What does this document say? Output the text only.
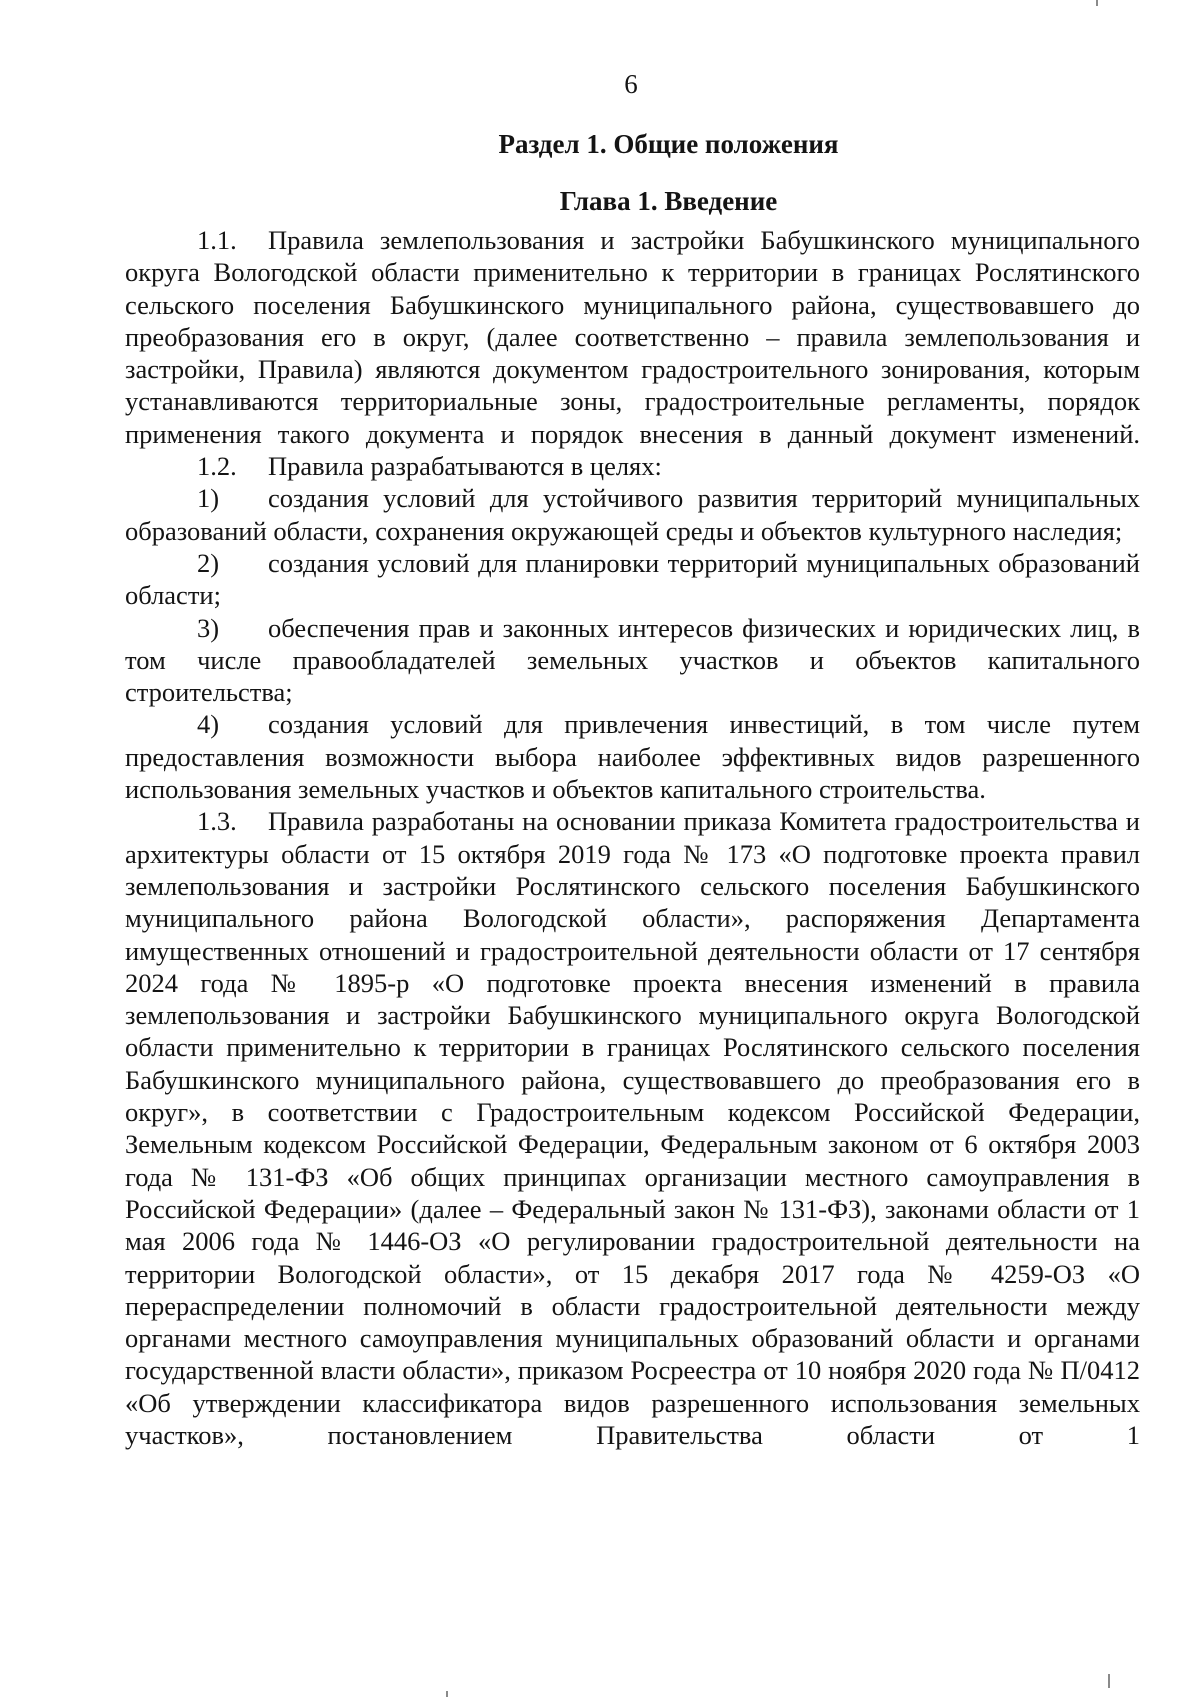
6
Раздел 1. Общие положения
Глава 1. Введение

1.1. Правила землепользования и застройки Бабушкинского муниципального округа Вологодской области применительно к территории в границах Рослятинского сельского поселения Бабушкинского муниципального района, существовавшего до преобразования его в округ, (далее соответственно – правила землепользования и застройки, Правила) являются документом градостроительного зонирования, которым устанавливаются территориальные зоны, градостроительные регламенты, порядок применения такого документа и порядок внесения в данный документ изменений.

1.2. Правила разрабатываются в целях:

1) создания условий для устойчивого развития территорий муниципальных образований области, сохранения окружающей среды и объектов культурного наследия;

2) создания условий для планировки территорий муниципальных образований области;

3) обеспечения прав и законных интересов физических и юридических лиц, в том числе правообладателей земельных участков и объектов капитального строительства;

4) создания условий для привлечения инвестиций, в том числе путем предоставления возможности выбора наиболее эффективных видов разрешенного использования земельных участков и объектов капитального строительства.

1.3. Правила разработаны на основании приказа Комитета градостроительства и архитектуры области от 15 октября 2019 года № 173 «О подготовке проекта правил землепользования и застройки Рослятинского сельского поселения Бабушкинского муниципального района Вологодской области», распоряжения Департамента имущественных отношений и градостроительной деятельности области от 17 сентября 2024 года № 1895-р «О подготовке проекта внесения изменений в правила землепользования и застройки Бабушкинского муниципального округа Вологодской области применительно к территории в границах Рослятинского сельского поселения Бабушкинского муниципального района, существовавшего до преобразования его в округ», в соответствии с Градостроительным кодексом Российской Федерации, Земельным кодексом Российской Федерации, Федеральным законом от 6 октября 2003 года № 131-ФЗ «Об общих принципах организации местного самоуправления в Российской Федерации» (далее – Федеральный закон № 131-ФЗ), законами области от 1 мая 2006 года № 1446-ОЗ «О регулировании градостроительной деятельности на территории Вологодской области», от 15 декабря 2017 года № 4259-ОЗ «О перераспределении полномочий в области градостроительной деятельности между органами местного самоуправления муниципальных образований области и органами государственной власти области», приказом Росреестра от 10 ноября 2020 года № П/0412 «Об утверждении классификатора видов разрешенного использования земельных участков», постановлением Правительства области от 1
